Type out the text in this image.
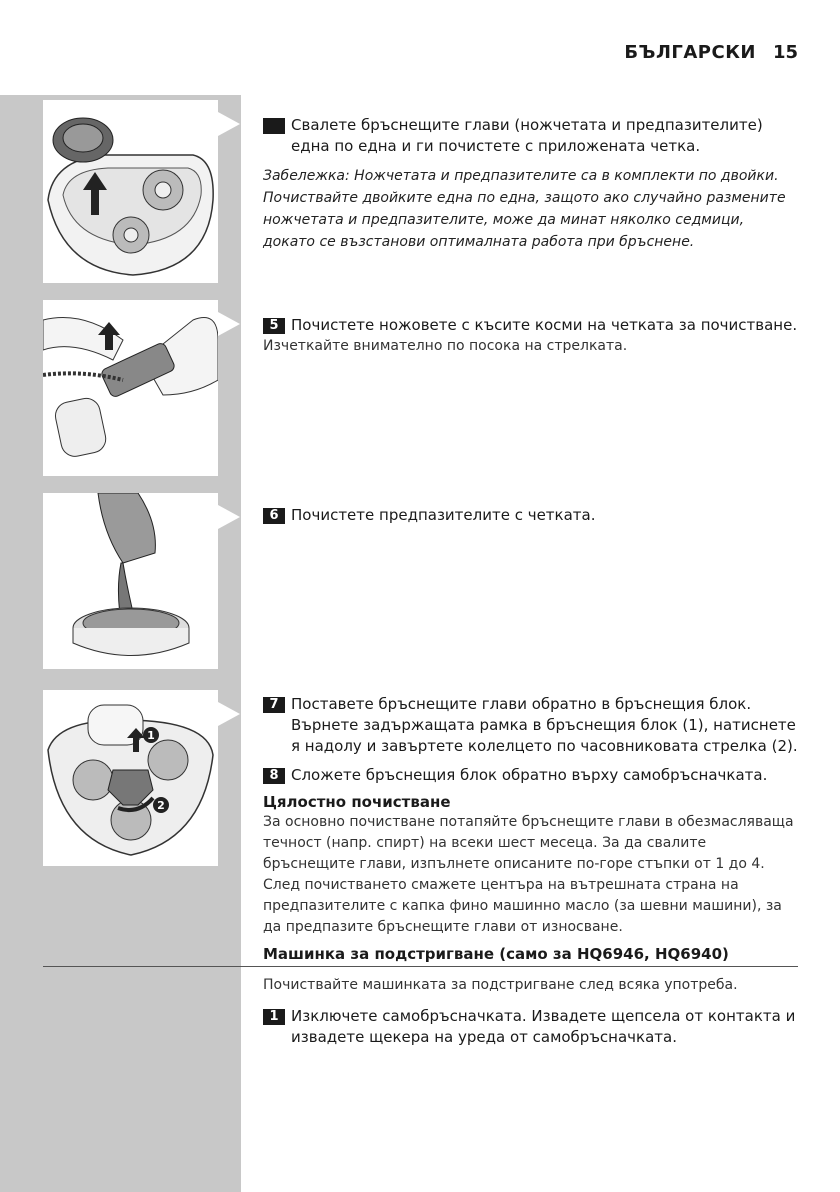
БЪЛГАРСКИ 15
1
2
Свалете бръснещите глави (ножчетата и предпазителите) една по една и ги почистете с приложената четка.
Забележка: Ножчетата и предпазителите са в комплекти по двойки. Почиствайте двойките една по една, защото ако случайно размените ножчетата и предпазителите, може да минат няколко седмици, докато се възстанови оптималната работа при бръснене.
5 Почистете ножовете с късите косми на четката за почистване.
Изчеткайте внимателно по посока на стрелката.
6 Почистете предпазителите с четката.
7 Поставете бръснещите глави обратно в бръснещия блок. Върнете задържащата рамка в бръснещия блок (1), натиснете я надолу и завъртете колелцето по часовниковата стрелка (2).
8 Сложете бръснещия блок обратно върху самобръсначката.
Цялостно почистване
За основно почистване потапяйте бръснещите глави в обезмасляваща течност (напр. спирт) на всеки шест месеца. За да свалите бръснещите глави, изпълнете описаните по-горе стъпки от 1 до 4. След почистването смажете центъра на вътрешната страна на предпазителите с капка фино машинно масло (за шевни машини), за да предпазите бръснещите глави от износване.
Машинка за подстригване (само за HQ6946, HQ6940)
Почиствайте машинката за подстригване след всяка употреба.
1 Изключете самобръсначката. Извадете щепсела от контакта и извадете щекера на уреда от самобръсначката.
